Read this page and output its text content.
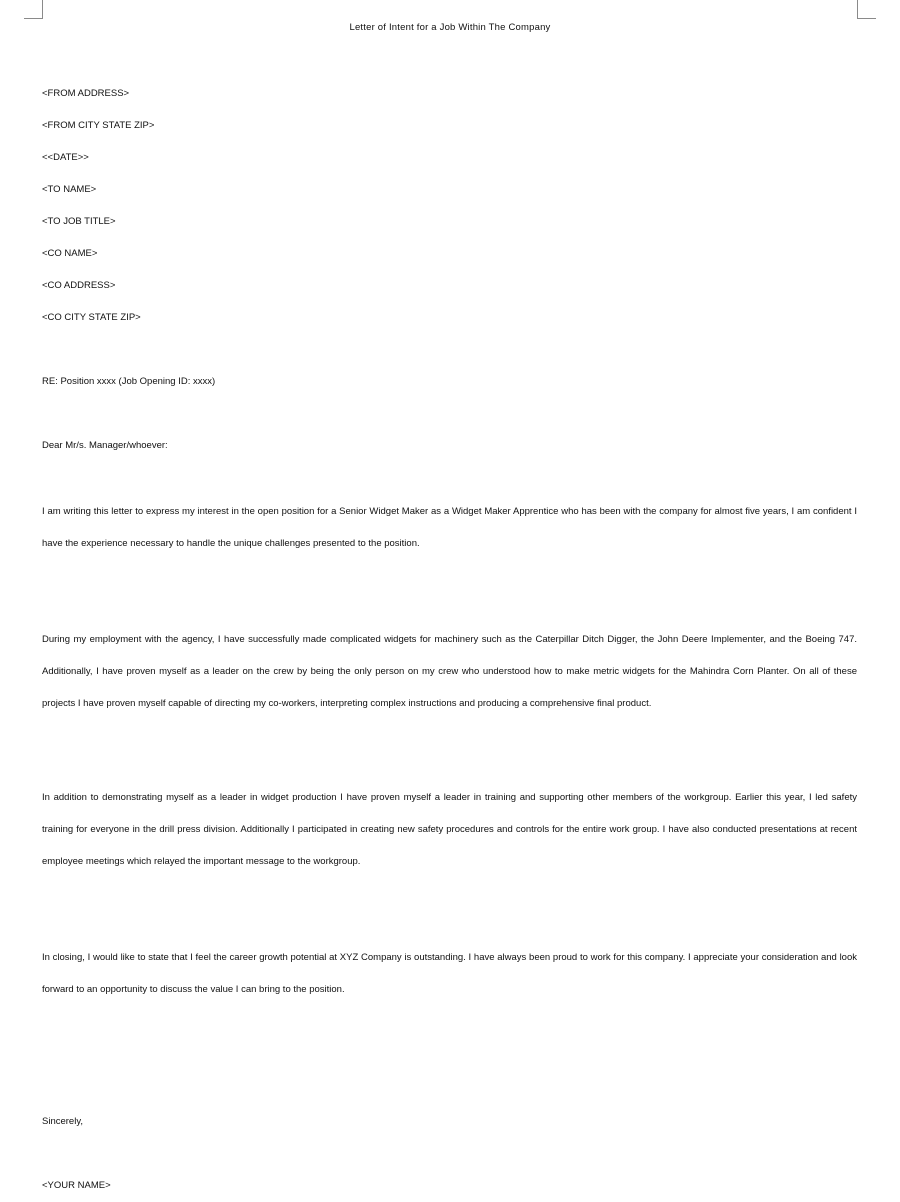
Letter of Intent for a Job Within The Company
<FROM ADDRESS>
<FROM CITY STATE ZIP>
<<DATE>>
<TO NAME>
<TO JOB TITLE>
<CO NAME>
<CO ADDRESS>
<CO CITY STATE ZIP>
RE: Position xxxx (Job Opening ID: xxxx)
Dear Mr/s. Manager/whoever:

I am writing this letter to express my interest in the open position for a Senior Widget Maker as a Widget Maker Apprentice who has been with the company for almost five years, I am confident I have the experience necessary to handle the unique challenges presented to the position.

During my employment with the agency, I have successfully made complicated widgets for machinery such as the Caterpillar Ditch Digger, the John Deere Implementer, and the Boeing 747. Additionally, I have proven myself as a leader on the crew by being the only person on my crew who understood how to make metric widgets for the Mahindra Corn Planter. On all of these projects I have proven myself capable of directing my co-workers, interpreting complex instructions and producing a comprehensive final product.

In addition to demonstrating myself as a leader in widget production I have proven myself a leader in training and supporting other members of the workgroup. Earlier this year, I led safety training for everyone in the drill press division. Additionally I participated in creating new safety procedures and controls for the entire work group. I have also conducted presentations at recent employee meetings which relayed the important message to the workgroup.

In closing, I would like to state that I feel the career growth potential at XYZ Company is outstanding. I have always been proud to work for this company. I appreciate your consideration and look forward to an opportunity to discuss the value I can bring to the position.

Sincerely,
<YOUR NAME>
